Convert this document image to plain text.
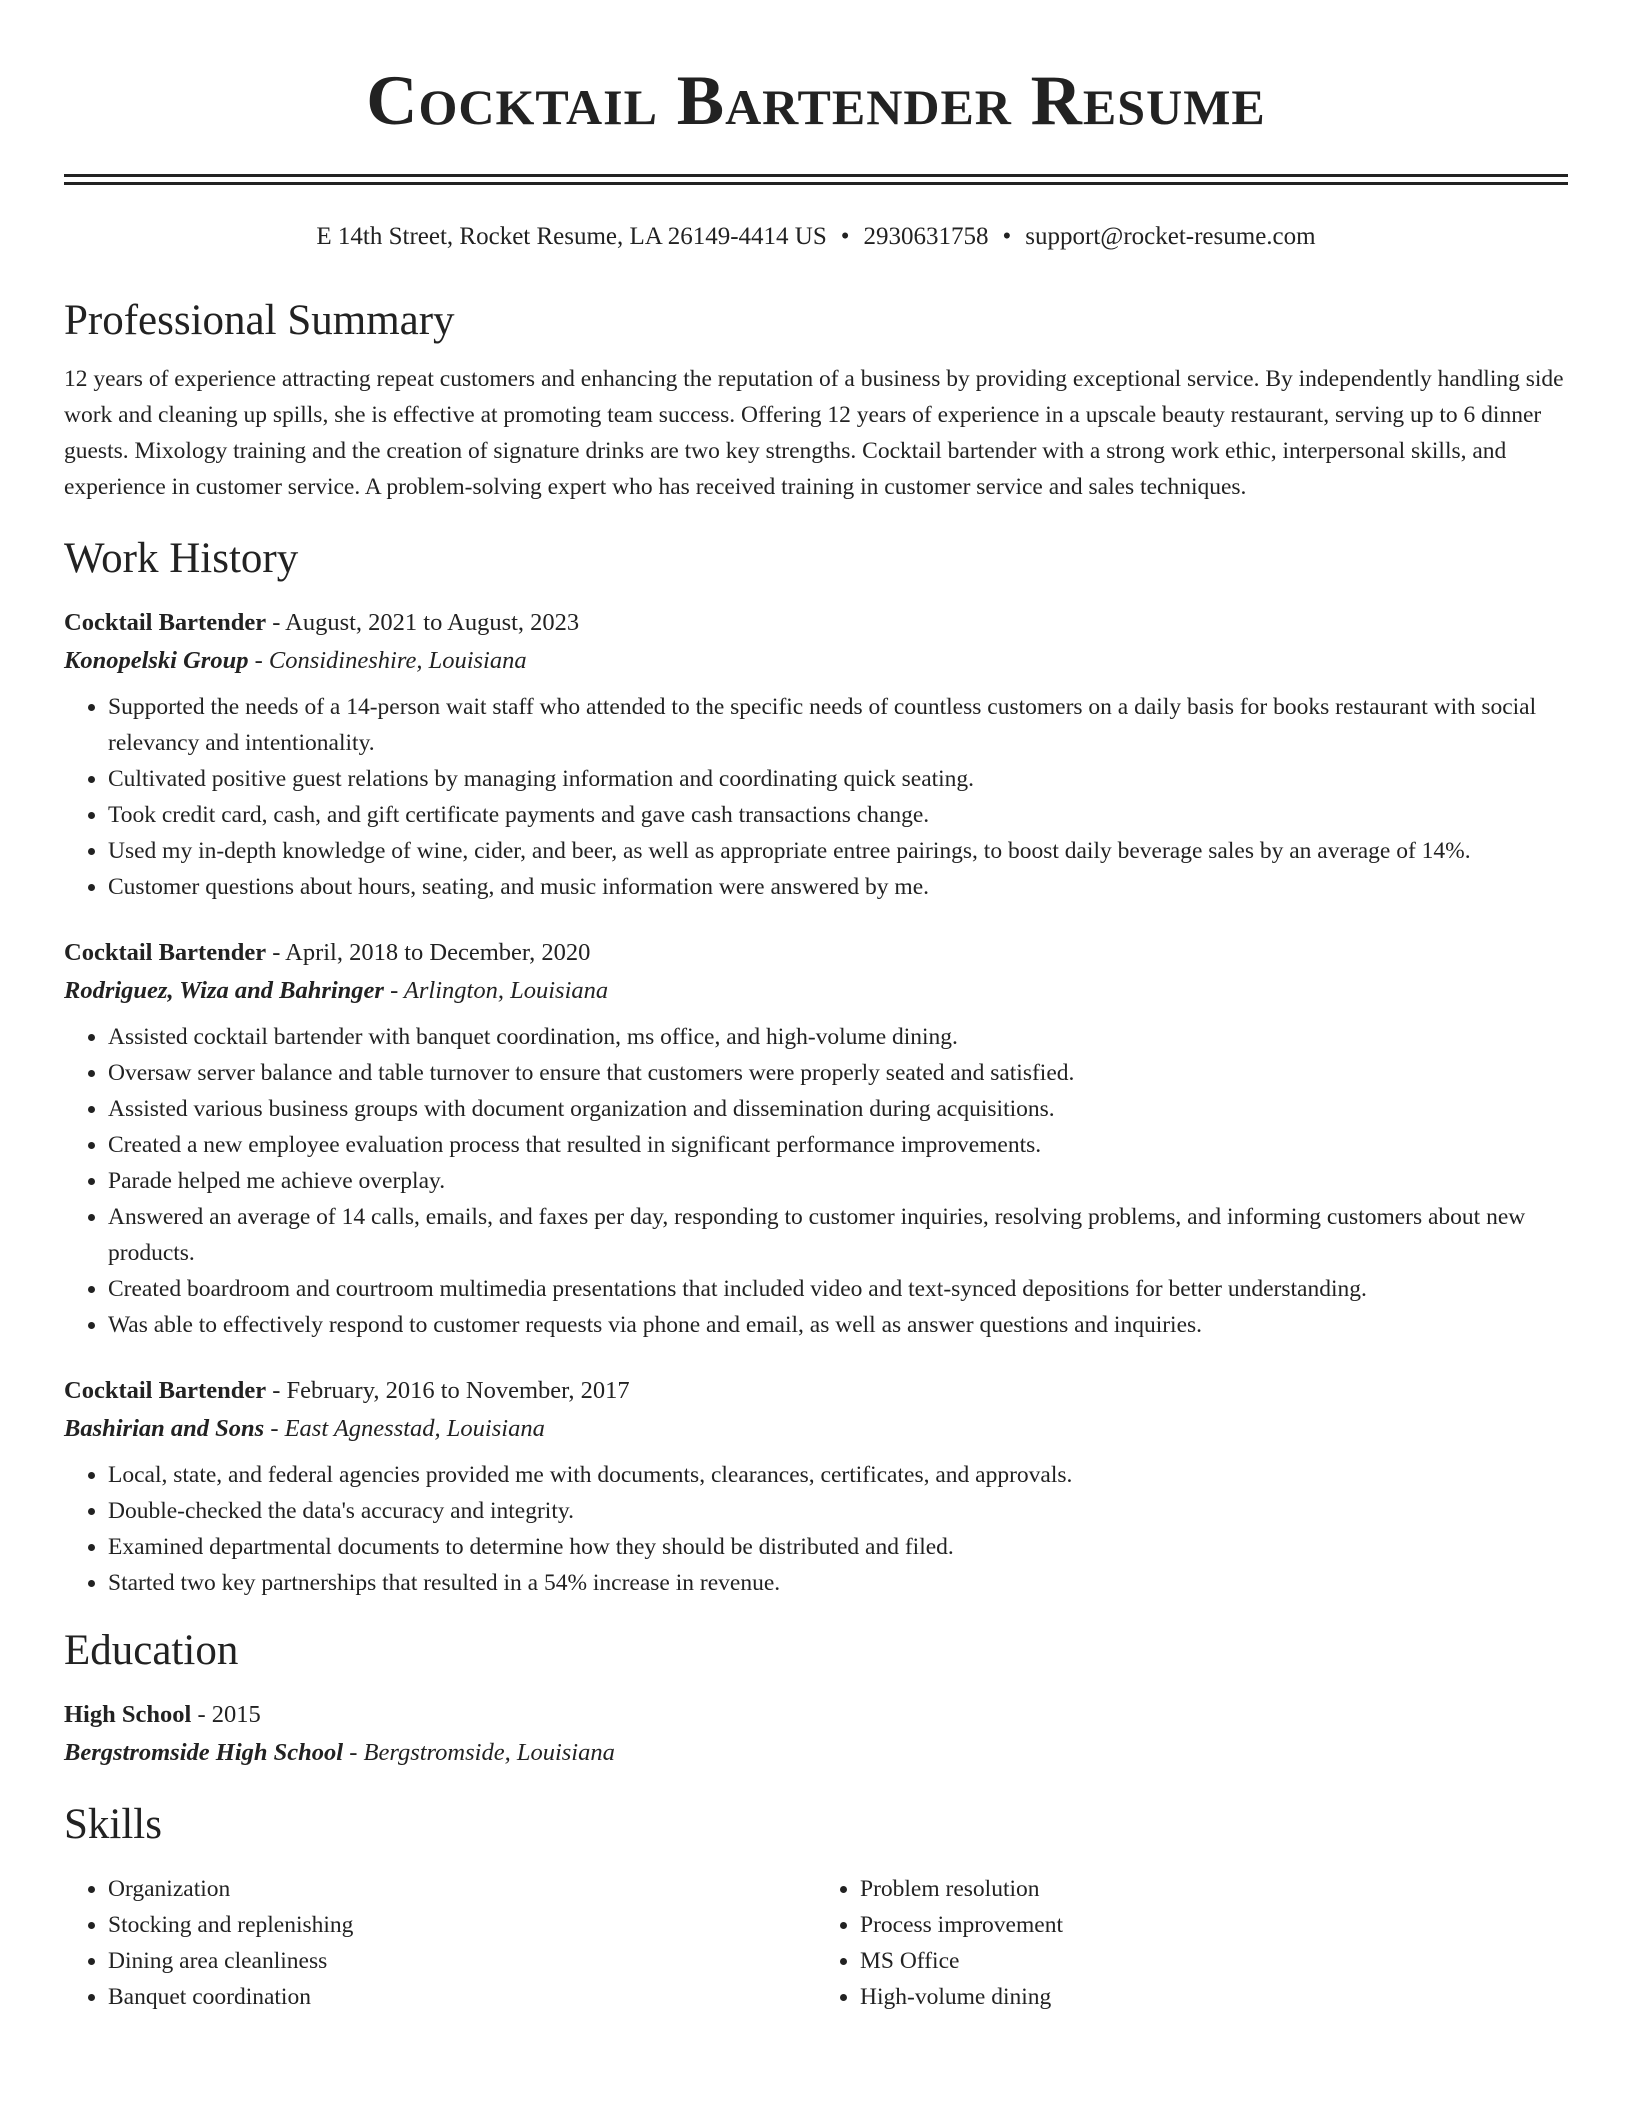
Cocktail Bartender Resume
E 14th Street, Rocket Resume, LA 26149-4414 US • 2930631758 • support@rocket-resume.com
Professional Summary

12 years of experience attracting repeat customers and enhancing the reputation of a business by providing exceptional service. By independently handling side work and cleaning up spills, she is effective at promoting team success. Offering 12 years of experience in a upscale beauty restaurant, serving up to 6 dinner guests. Mixology training and the creation of signature drinks are two key strengths. Cocktail bartender with a strong work ethic, interpersonal skills, and experience in customer service. A problem-solving expert who has received training in customer service and sales techniques.

Work History
Cocktail Bartender - August, 2021 to August, 2023
Konopelski Group - Considineshire, Louisiana
• Supported the needs of a 14-person wait staff who attended to the specific needs of countless customers on a daily basis for books restaurant with social relevancy and intentionality.
• Cultivated positive guest relations by managing information and coordinating quick seating.
• Took credit card, cash, and gift certificate payments and gave cash transactions change.
• Used my in-depth knowledge of wine, cider, and beer, as well as appropriate entree pairings, to boost daily beverage sales by an average of 14%.
• Customer questions about hours, seating, and music information were answered by me.
Cocktail Bartender - April, 2018 to December, 2020
Rodriguez, Wiza and Bahringer - Arlington, Louisiana
• Assisted cocktail bartender with banquet coordination, ms office, and high-volume dining.
• Oversaw server balance and table turnover to ensure that customers were properly seated and satisfied.
• Assisted various business groups with document organization and dissemination during acquisitions.
• Created a new employee evaluation process that resulted in significant performance improvements.
• Parade helped me achieve overplay.
• Answered an average of 14 calls, emails, and faxes per day, responding to customer inquiries, resolving problems, and informing customers about new products.
• Created boardroom and courtroom multimedia presentations that included video and text-synced depositions for better understanding.
• Was able to effectively respond to customer requests via phone and email, as well as answer questions and inquiries.
Cocktail Bartender - February, 2016 to November, 2017
Bashirian and Sons - East Agnesstad, Louisiana
• Local, state, and federal agencies provided me with documents, clearances, certificates, and approvals.
• Double-checked the data's accuracy and integrity.
• Examined departmental documents to determine how they should be distributed and filed.
• Started two key partnerships that resulted in a 54% increase in revenue.
Education
High School - 2015
Bergstromside High School - Bergstromside, Louisiana
Skills
• Organization
• Stocking and replenishing
• Dining area cleanliness
• Banquet coordination
• Problem resolution
• Process improvement
• MS Office
• High-volume dining
